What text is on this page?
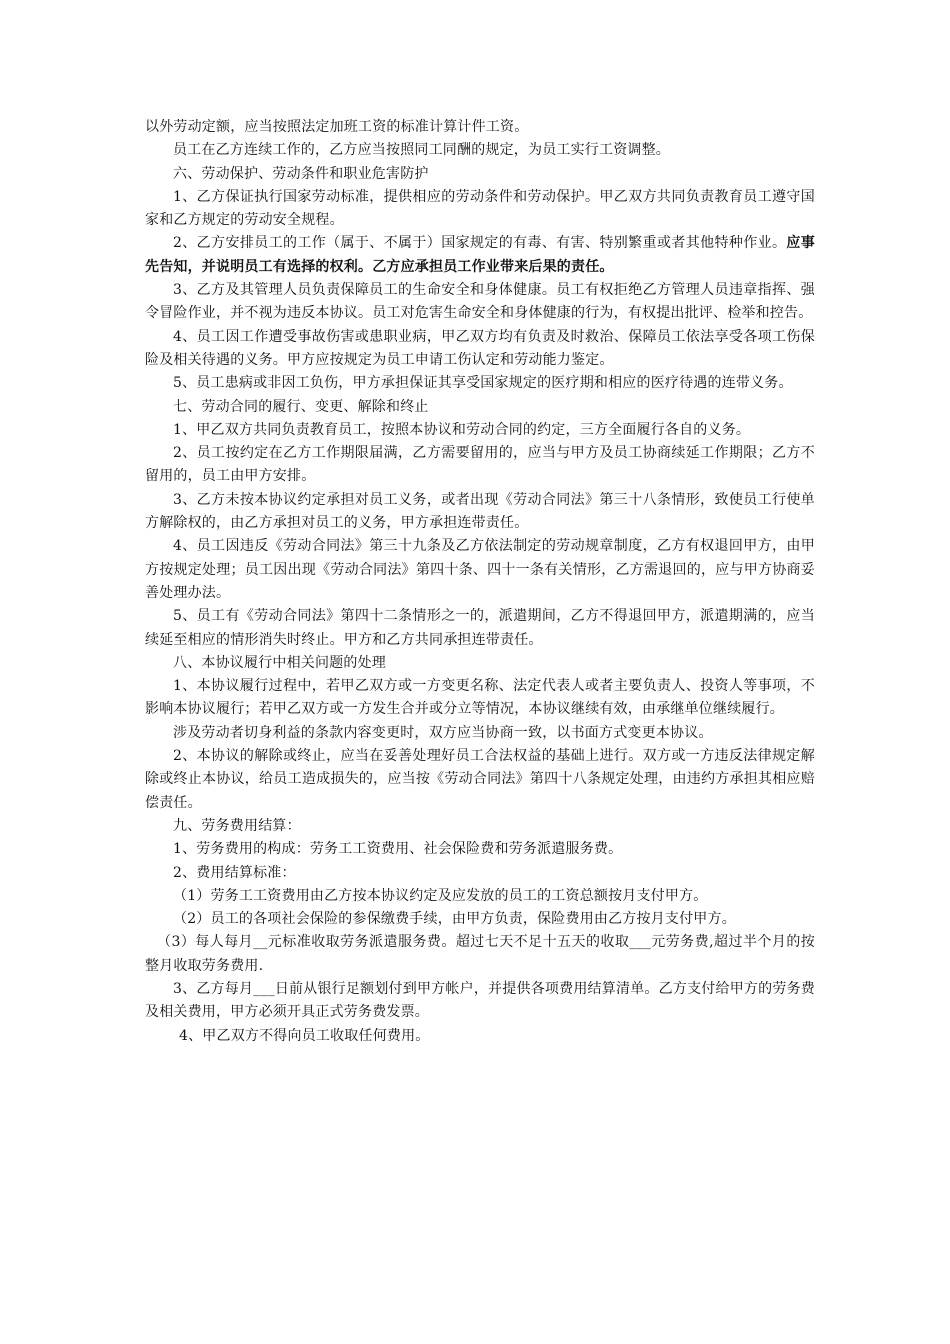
以外劳动定额，应当按照法定加班工资的标准计算计件工资。

员工在乙方连续工作的，乙方应当按照同工同酬的规定，为员工实行工资调整。

六、劳动保护、劳动条件和职业危害防护

1、乙方保证执行国家劳动标准，提供相应的劳动条件和劳动保护。甲乙双方共同负责教育员工遵守国家和乙方规定的劳动安全规程。

2、乙方安排员工的工作（属于、不属于）国家规定的有毒、有害、特别繁重或者其他特种作业。应事先告知，并说明员工有选择的权利。乙方应承担员工作业带来后果的责任。

3、乙方及其管理人员负责保障员工的生命安全和身体健康。员工有权拒绝乙方管理人员违章指挥、强令冒险作业，并不视为违反本协议。员工对危害生命安全和身体健康的行为，有权提出批评、检举和控告。

4、员工因工作遭受事故伤害或患职业病，甲乙双方均有负责及时救治、保障员工依法享受各项工伤保险及相关待遇的义务。甲方应按规定为员工申请工伤认定和劳动能力鉴定。

5、员工患病或非因工负伤，甲方承担保证其享受国家规定的医疗期和相应的医疗待遇的连带义务。

七、劳动合同的履行、变更、解除和终止

1、甲乙双方共同负责教育员工，按照本协议和劳动合同的约定，三方全面履行各自的义务。

2、员工按约定在乙方工作期限届满，乙方需要留用的，应当与甲方及员工协商续延工作期限；乙方不留用的，员工由甲方安排。

3、乙方未按本协议约定承担对员工义务，或者出现《劳动合同法》第三十八条情形，致使员工行使单方解除权的，由乙方承担对员工的义务，甲方承担连带责任。

4、员工因违反《劳动合同法》第三十九条及乙方依法制定的劳动规章制度，乙方有权退回甲方，由甲方按规定处理；员工因出现《劳动合同法》第四十条、四十一条有关情形，乙方需退回的，应与甲方协商妥善处理办法。

5、员工有《劳动合同法》第四十二条情形之一的，派遣期间，乙方不得退回甲方，派遣期满的，应当续延至相应的情形消失时终止。甲方和乙方共同承担连带责任。

八、本协议履行中相关问题的处理

1、本协议履行过程中，若甲乙双方或一方变更名称、法定代表人或者主要负责人、投资人等事项，不影响本协议履行；若甲乙双方或一方发生合并或分立等情况，本协议继续有效，由承继单位继续履行。

涉及劳动者切身利益的条款内容变更时，双方应当协商一致，以书面方式变更本协议。

2、本协议的解除或终止，应当在妥善处理好员工合法权益的基础上进行。双方或一方违反法律规定解除或终止本协议，给员工造成损失的，应当按《劳动合同法》第四十八条规定处理，由违约方承担其相应赔偿责任。

九、劳务费用结算：

1、劳务费用的构成：劳务工工资费用、社会保险费和劳务派遣服务费。

2、费用结算标准：

（1）劳务工工资费用由乙方按本协议约定及应发放的员工的工资总额按月支付甲方。

（2）员工的各项社会保险的参保缴费手续，由甲方负责，保险费用由乙方按月支付甲方。

（3）每人每月__元标准收取劳务派遣服务费。超过七天不足十五天的收取___元劳务费,超过半个月的按整月收取劳务费用.

3、乙方每月___日前从银行足额划付到甲方帐户，并提供各项费用结算清单。乙方支付给甲方的劳务费及相关费用，甲方必须开具正式劳务费发票。

4、甲乙双方不得向员工收取任何费用。
